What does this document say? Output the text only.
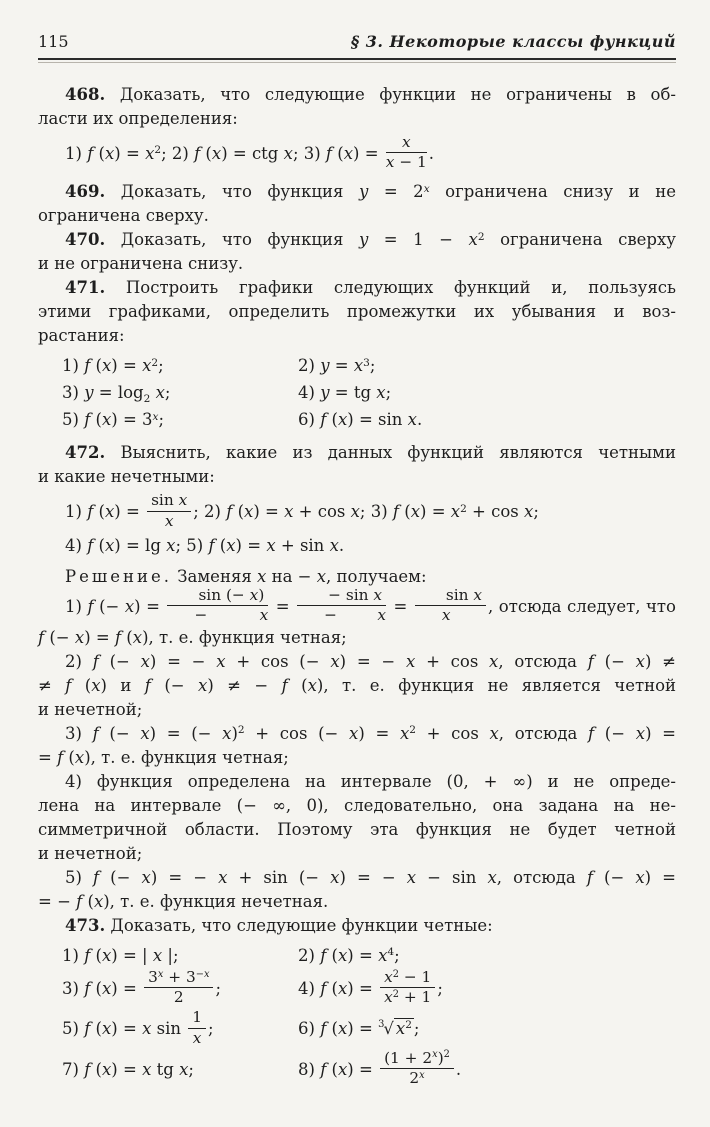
115	§ 3. Некоторые классы функций
468. Доказать, что следующие функции не ограничены в об-
ласти их определения:
1) f $(x) = x^2$; 2) f (x) = ctg x; 3) f $(x) = \frac{x}{x - 1}$ .
469. Доказать, что функция $y = 2^x$ ограничена снизу и не
ограничена сверху.
470. Доказать, что функция $y = 1 - x^2$ ограничена сверху
и не ограничена снизу.
471. Построить графики следующих функций и, пользуясь
этими графиками, определить промежутки их убывания и воз-
растания:
1) f $(x) = x^2$;	2) $y = x^3$;
3) y = log2 x;	4) y = tg x;
5) f $(x) = 3^x$;	6) f (x) = sin x.
472. Выяснить, какие из данных функций являются четными
и какие нечетными:
1) f $(x) = \frac{\text{sin x}}{x}$ ; 2) f (x) = x + cos x; 3) f $(x) = x^2 + \cos x$;
4) f (x) = lg x; 5) f (x) = x + sin x.
Решение. Заменяя x на − x, получаем:
1) f (− $x) = \frac{\sin (- x)}{- x} = \frac{\text{− sin x}}{- x} = \frac{\text{sin x}}{x}$ , отсюда следует, что
f (− x) = f (x), т. е. функция четная;
2) f (− x) = − x + cos (− x) = − x + cos x, отсюда f (− x) ≠
≠ f (x) и f (− x) ≠ − f (x), т. е. функция не является четной
и нечетной;
3) f (− x) = (− x)$^2$ + cos (− $x) = x^2 + \cos x$, отсюда f (− x) =
= f (x), т. е. функция четная;
4) функция определена на интервале (0, + ∞) и не опреде-
лена на интервале (− ∞, 0), следовательно, она задана на не-
симметричной области. Поэтому эта функция не будет четной
и нечетной;
5) f (− x) = − x + sin (− x) = − x − sin x, отсюда f (− x) =
= − f (x), т. е. функция нечетная.
473. Доказать, что следующие функции четные:
1) f (x) = | x |;	2) f $(x) = x^4$;
3) f $(x) = \frac{3^x + 3^{-x}}{2}$ ;	4) f $(x) = \frac{x^2 - 1}{x^2 + 1}$ ;
5) f (x) = x $\sin \frac{1}{x}$ ;	6) f (x) = $^3$√ $x^2$ ;
7) f (x) = x tg x;	8) f $(x) = \frac{(1 + 2^x)^2}{2^x}$ .
